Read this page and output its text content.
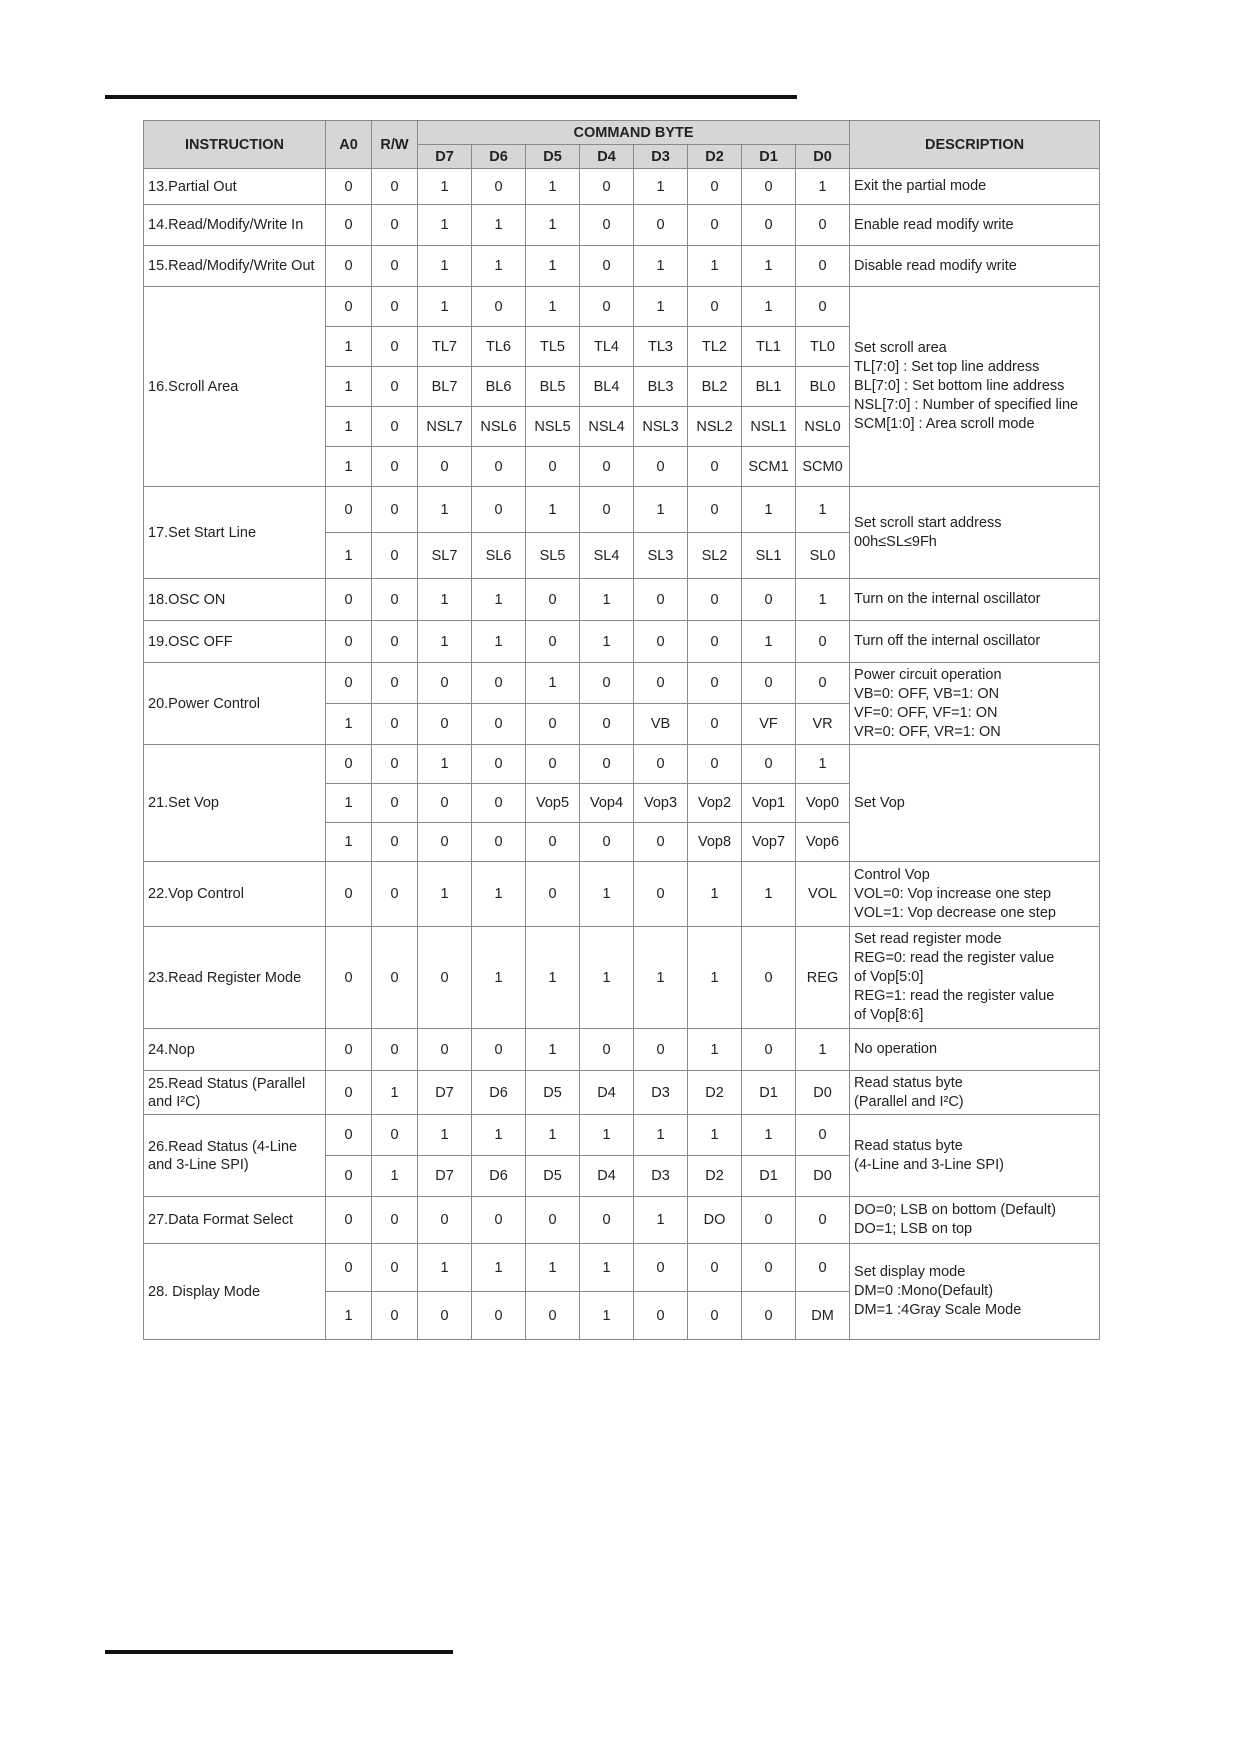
INSTRUCTION	A0	R/W	COMMAND BYTE								DESCRIPTION
			D7	D6	D5	D4	D3	D2	D1	D0	
13.Partial Out	0	0	1	0	1	0	1	0	0	1	Exit the partial mode

14.Read/Modify/Write In	0	0	1	1	1	0	0	0	0	0	Enable read modify write

15.Read/Modify/Write Out	0	0	1	1	1	0	1	1	1	0	Disable read modify write

16.Scroll Area	0	0	1	0	1	0	1	0	1	0	Set scroll area
TL[7:0] : Set top line address
BL[7:0] : Set bottom line address
NSL[7:0] : Number of specified line
SCM[1:0] : Area scroll mode

	1	0	TL7	TL6	TL5	TL4	TL3	TL2	TL1	TL0	
	1	0	BL7	BL6	BL5	BL4	BL3	BL2	BL1	BL0	
	1	0	NSL7	NSL6	NSL5	NSL4	NSL3	NSL2	NSL1	NSL0	
	1	0	0	0	0	0	0	0	SCM1	SCM0	
17.Set Start Line	0	0	1	0	1	0	1	0	1	1	Set scroll start address
00h≤SL≤9Fh

	1	0	SL7	SL6	SL5	SL4	SL3	SL2	SL1	SL0	
18.OSC ON	0	0	1	1	0	1	0	0	0	1	Turn on the internal oscillator

19.OSC OFF	0	0	1	1	0	1	0	0	1	0	Turn off the internal oscillator

20.Power Control	0	0	0	0	1	0	0	0	0	0	Power circuit operation
VB=0: OFF, VB=1: ON
VF=0: OFF, VF=1: ON
VR=0: OFF, VR=1: ON

	1	0	0	0	0	0	VB	0	VF	VR	
21.Set Vop	0	0	1	0	0	0	0	0	0	1	Set Vop

	1	0	0	0	Vop5	Vop4	Vop3	Vop2	Vop1	Vop0	
	1	0	0	0	0	0	0	Vop8	Vop7	Vop6	
22.Vop Control	0	0	1	1	0	1	0	1	1	VOL	Control Vop
VOL=0: Vop increase one step
VOL=1: Vop decrease one step

23.Read Register Mode	0	0	0	1	1	1	1	1	0	REG	Set read register mode
REG=0: read the register value
of Vop[5:0]
REG=1: read the register value
of Vop[8:6]

24.Nop	0	0	0	0	1	0	0	1	0	1	No operation

25.Read Status (Parallel and I²C)	0	1	D7	D6	D5	D4	D3	D2	D1	D0	Read status byte
(Parallel and I²C)

26.Read Status (4-Line and 3-Line SPI)	0	0	1	1	1	1	1	1	1	0	Read status byte
(4-Line and 3-Line SPI)

	0	1	D7	D6	D5	D4	D3	D2	D1	D0	
27.Data Format Select	0	0	0	0	0	0	1	DO	0	0	DO=0; LSB on bottom (Default)
DO=1; LSB on top

28. Display Mode	0	0	1	1	1	1	0	0	0	0	Set display mode
DM=0 :Mono(Default)
DM=1 :4Gray Scale Mode

	1	0	0	0	0	1	0	0	0	DM	
